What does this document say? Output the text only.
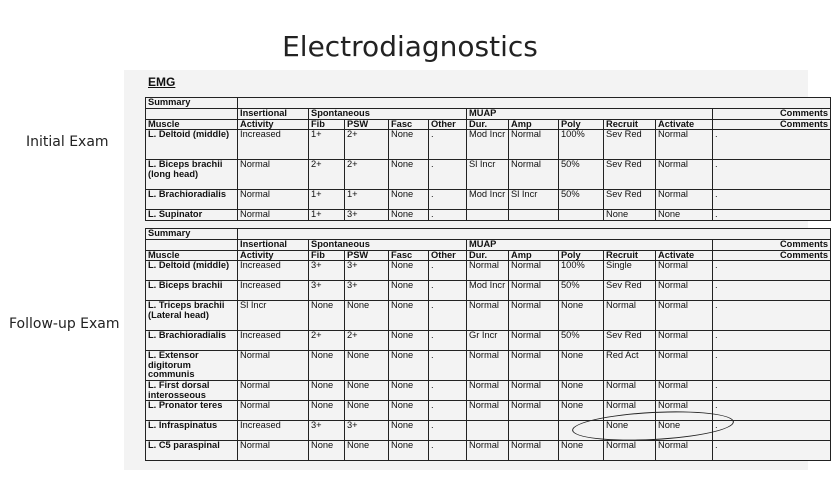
Electrodiagnostics
Initial Exam
Follow-up Exam
EMG
Summary											
	Insertional	Spontaneous				MUAP					Comments
Muscle	Activity	Fib	PSW	Fasc	Other	Dur.	Amp	Poly	Recruit	Activate	Comments
L. Deltoid (middle)	Increased	1+	2+	None	.	Mod Incr	Normal	100%	Sev Red	Normal	.
L. Biceps brachii (long head)	Normal	2+	2+	None	.	Sl Incr	Normal	50%	Sev Red	Normal	.
L. Brachioradialis	Normal	1+	1+	None	.	Mod Incr	Sl Incr	50%	Sev Red	Normal	.
L. Supinator	Normal	1+	3+	None	.				None	None	.
Summary											
	Insertional	Spontaneous				MUAP					Comments
Muscle	Activity	Fib	PSW	Fasc	Other	Dur.	Amp	Poly	Recruit	Activate	Comments
L. Deltoid (middle)	Increased	3+	3+	None	.	Normal	Normal	100%	Single	Normal	.
L. Biceps brachii	Increased	3+	3+	None	.	Mod Incr	Normal	50%	Sev Red	Normal	.
L. Triceps brachii (Lateral head)	Sl Incr	None	None	None	.	Normal	Normal	None	Normal	Normal	.
L. Brachioradialis	Increased	2+	2+	None	.	Gr Incr	Normal	50%	Sev Red	Normal	.
L. Extensor digitorum communis	Normal	None	None	None	.	Normal	Normal	None	Red Act	Normal	.
L. First dorsal interosseous	Normal	None	None	None	.	Normal	Normal	None	Normal	Normal	.
L. Pronator teres	Normal	None	None	None	.	Normal	Normal	None	Normal	Normal	.
L. Infraspinatus	Increased	3+	3+	None	.				None	None	.
L. C5 paraspinal	Normal	None	None	None	.	Normal	Normal	None	Normal	Normal	.
